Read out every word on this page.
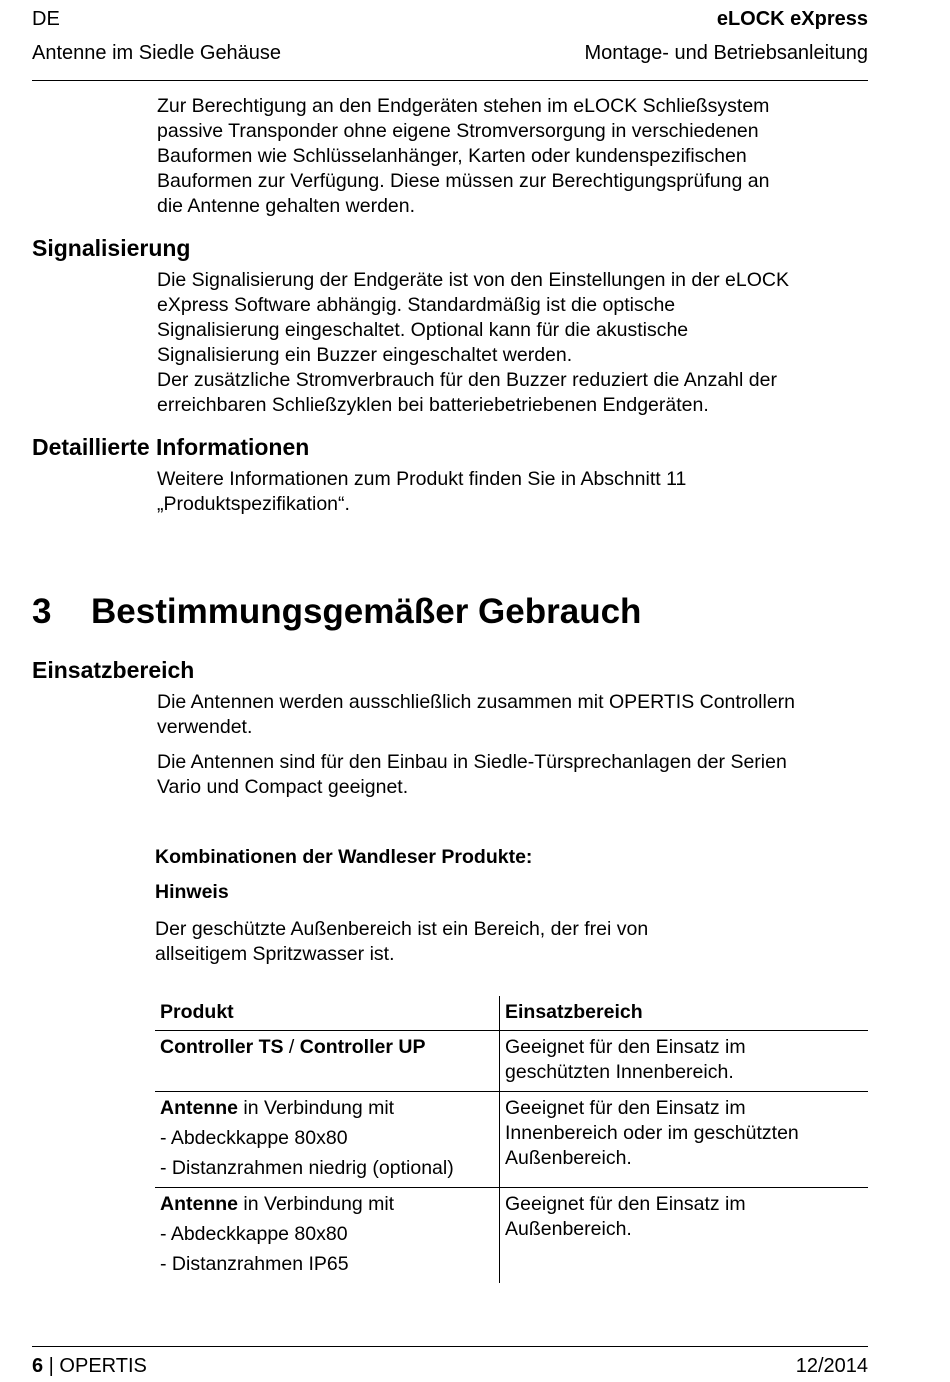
DE
Antenne im Siedle Gehäuse
eLOCK eXpress
Montage- und Betriebsanleitung

Zur Berechtigung an den Endgeräten stehen im eLOCK Schließsystem

passive Transponder ohne eigene Stromversorgung in verschiedenen

Bauformen wie Schlüsselanhänger, Karten oder kundenspezifischen

Bauformen zur Verfügung. Diese müssen zur Berechtigungsprüfung an

die Antenne gehalten werden.

Signalisierung

Die Signalisierung der Endgeräte ist von den Einstellungen in der eLOCK

eXpress Software abhängig. Standardmäßig ist die optische

Signalisierung eingeschaltet. Optional kann für die akustische

Signalisierung ein Buzzer eingeschaltet werden.

Der zusätzliche Stromverbrauch für den Buzzer reduziert die Anzahl der

erreichbaren Schließzyklen bei batteriebetriebenen Endgeräten.

Detaillierte Informationen

Weitere Informationen zum Produkt finden Sie in Abschnitt 11

„Produktspezifikation“.

3 Bestimmungsgemäßer Gebrauch
Einsatzbereich

Die Antennen werden ausschließlich zusammen mit OPERTIS Controllern

verwendet.

Die Antennen sind für den Einbau in Siedle-Türsprechanlagen der Serien

Vario und Compact geeignet.

Kombinationen der Wandleser Produkte:
Hinweis

Der geschützte Außenbereich ist ein Bereich, der frei von

allseitigem Spritzwasser ist.

Produkt	Einsatzbereich
Controller TS / Controller UP	Geeignet für den Einsatz im
geschützten Innenbereich.

Antenne in Verbindung mit
- Abdeckkappe 80x80
- Distanzrahmen niedrig (optional)	Geeignet für den Einsatz im
Innenbereich oder im geschützten
Außenbereich.

Antenne in Verbindung mit
- Abdeckkappe 80x80
- Distanzrahmen IP65	Geeignet für den Einsatz im
Außenbereich.
6 | OPERTIS	12/2014
